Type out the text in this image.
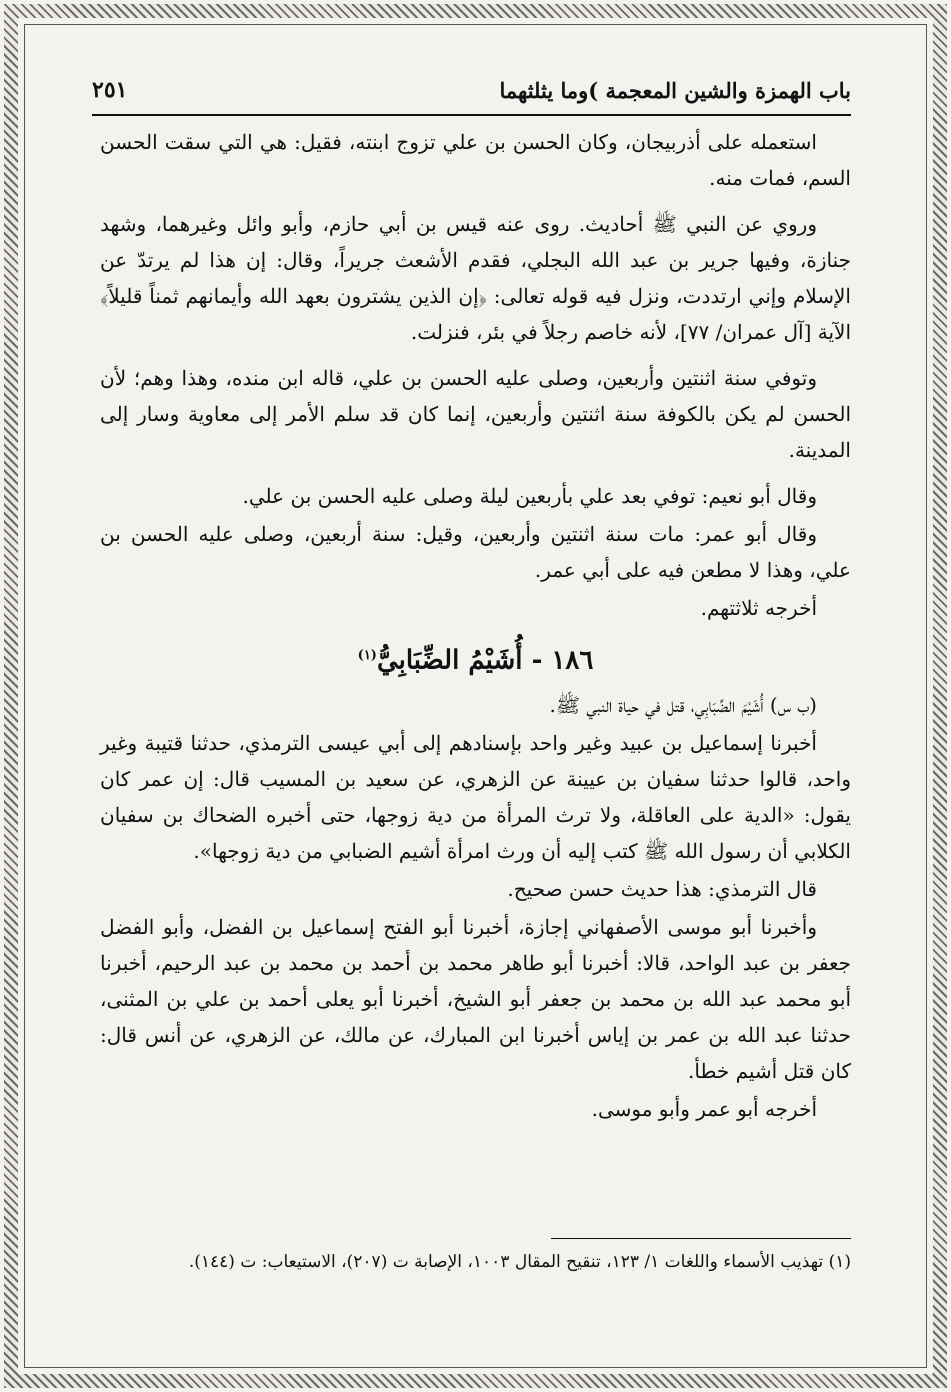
باب الهمزة والشين المعجمة )وما يثلثهما
٢٥١

استعمله على أذربيجان، وكان الحسن بن علي تزوج ابنته، فقيل: هي التي سقت الحسن السم، فمات منه.

وروي عن النبي ﷺ أحاديث. روى عنه قيس بن أبي حازم، وأبو وائل وغيرهما، وشهد جنازة، وفيها جرير بن عبد الله البجلي، فقدم الأشعث جريراً، وقال: إن هذا لم يرتدّ عن الإسلام وإني ارتددت، ونزل فيه قوله تعالى: ﴿إن الذين يشترون بعهد الله وأيمانهم ثمناً قليلاً﴾ الآية [آل عمران/ ٧٧]، لأنه خاصم رجلاً في بئر، فنزلت.

وتوفي سنة اثنتين وأربعين، وصلى عليه الحسن بن علي، قاله ابن منده، وهذا وهم؛ لأن الحسن لم يكن بالكوفة سنة اثنتين وأربعين، إنما كان قد سلم الأمر إلى معاوية وسار إلى المدينة.

وقال أبو نعيم: توفي بعد علي بأربعين ليلة وصلى عليه الحسن بن علي.

وقال أبو عمر: مات سنة اثنتين وأربعين، وقيل: سنة أربعين، وصلى عليه الحسن بن علي، وهذا لا مطعن فيه على أبي عمر.

أخرجه ثلاثتهم.

١٨٦ - أُشَيْمُ الضِّبَابِيُّ$^{(١)}$

(ب س) أُشَيْمَ الضِّبَابِي، قتل في حياة النبي ﷺ.

أخبرنا إسماعيل بن عبيد وغير واحد بإسنادهم إلى أبي عيسى الترمذي، حدثنا قتيبة وغير واحد، قالوا حدثنا سفيان بن عيينة عن الزهري، عن سعيد بن المسيب قال: إن عمر كان يقول: «الدية على العاقلة، ولا ترث المرأة من دية زوجها، حتى أخبره الضحاك بن سفيان الكلابي أن رسول الله ﷺ كتب إليه أن ورث امرأة أشيم الضبابي من دية زوجها».

قال الترمذي: هذا حديث حسن صحيح.

وأخبرنا أبو موسى الأصفهاني إجازة، أخبرنا أبو الفتح إسماعيل بن الفضل، وأبو الفضل جعفر بن عبد الواحد، قالا: أخبرنا أبو طاهر محمد بن أحمد بن محمد بن عبد الرحيم، أخبرنا أبو محمد عبد الله بن محمد بن جعفر أبو الشيخ، أخبرنا أبو يعلى أحمد بن علي بن المثنى، حدثنا عبد الله بن عمر بن إياس أخبرنا ابن المبارك، عن مالك، عن الزهري، عن أنس قال: كان قتل أشيم خطأ.

أخرجه أبو عمر وأبو موسى.

(١) تهذيب الأسماء واللغات ١/ ١٢٣، تنقيح المقال ١٠٠٣، الإصابة ت (٢٠٧)، الاستيعاب: ت (١٤٤).
